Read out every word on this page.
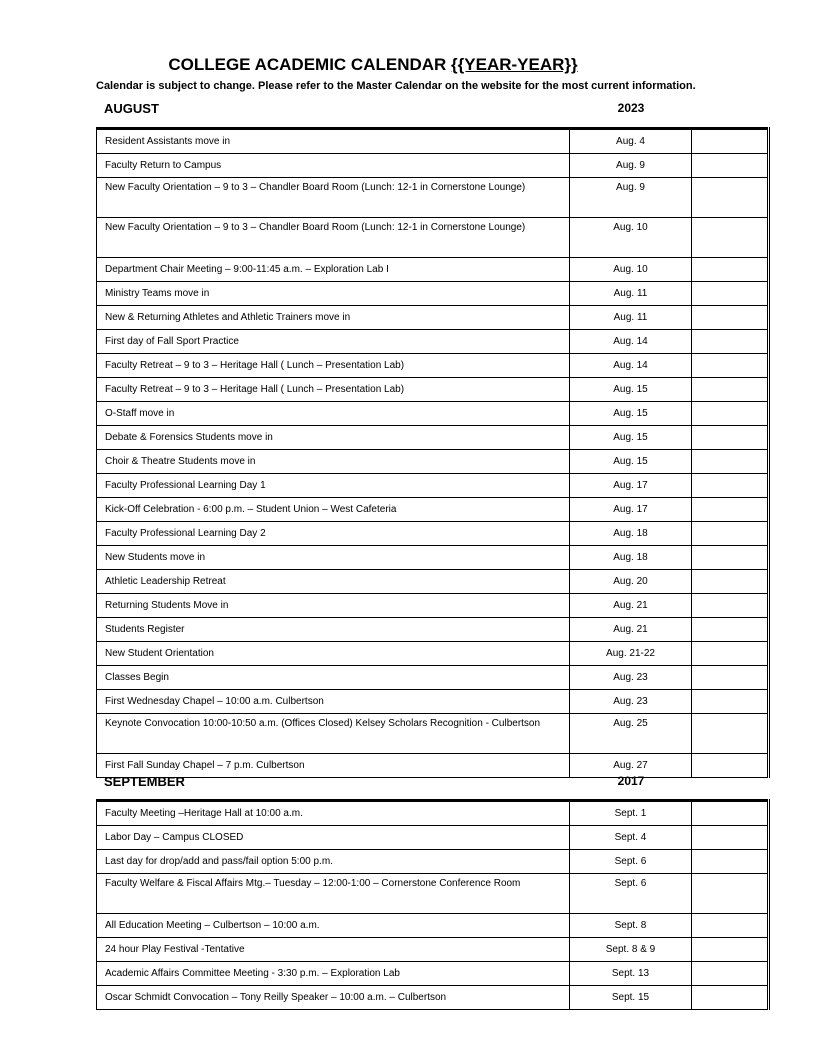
COLLEGE ACADEMIC CALENDAR {{YEAR-YEAR}}
Calendar is subject to change. Please refer to the Master Calendar on the website for the most current information.
AUGUST	2023
Resident Assistants move in	Aug. 4	
Faculty Return to Campus	Aug. 9	
New Faculty Orientation – 9 to 3 – Chandler Board Room (Lunch: 12-1 in Cornerstone Lounge)	Aug. 9	
New Faculty Orientation – 9 to 3 – Chandler Board Room (Lunch: 12-1 in Cornerstone Lounge)	Aug. 10	
Department Chair Meeting – 9:00-11:45 a.m. – Exploration Lab I	Aug. 10	
Ministry Teams move in	Aug. 11	
New & Returning Athletes and Athletic Trainers move in	Aug. 11	
First day of Fall Sport Practice	Aug. 14	
Faculty Retreat – 9 to 3 – Heritage Hall ( Lunch – Presentation Lab)	Aug. 14	
Faculty Retreat – 9 to 3 – Heritage Hall ( Lunch – Presentation Lab)	Aug. 15	
O-Staff move in	Aug. 15	
Debate & Forensics Students move in	Aug. 15	
Choir & Theatre Students move in	Aug. 15	
Faculty Professional Learning Day 1	Aug. 17	
Kick-Off Celebration - 6:00 p.m. – Student Union – West Cafeteria	Aug. 17	
Faculty Professional Learning Day 2	Aug. 18	
New Students move in	Aug. 18	
Athletic Leadership Retreat	Aug. 20	
Returning Students Move in	Aug. 21	
Students Register	Aug. 21	
New Student Orientation	Aug. 21-22	
Classes Begin	Aug. 23	
First Wednesday Chapel – 10:00 a.m. Culbertson	Aug. 23	
Keynote Convocation 10:00-10:50 a.m. (Offices Closed) Kelsey Scholars Recognition - Culbertson	Aug. 25	
First Fall Sunday Chapel – 7 p.m. Culbertson	Aug. 27	
SEPTEMBER	2017
Faculty Meeting –Heritage Hall at 10:00 a.m.	Sept. 1	
Labor Day – Campus CLOSED	Sept. 4	
Last day for drop/add and pass/fail option 5:00 p.m.	Sept. 6	
Faculty Welfare & Fiscal Affairs Mtg.– Tuesday – 12:00-1:00 – Cornerstone Conference Room	Sept. 6	
All Education Meeting – Culbertson – 10:00 a.m.	Sept. 8	
24 hour Play Festival -Tentative	Sept. 8 & 9	
Academic Affairs Committee Meeting - 3:30 p.m. – Exploration Lab	Sept. 13	
Oscar Schmidt Convocation – Tony Reilly Speaker – 10:00 a.m. – Culbertson	Sept. 15	
